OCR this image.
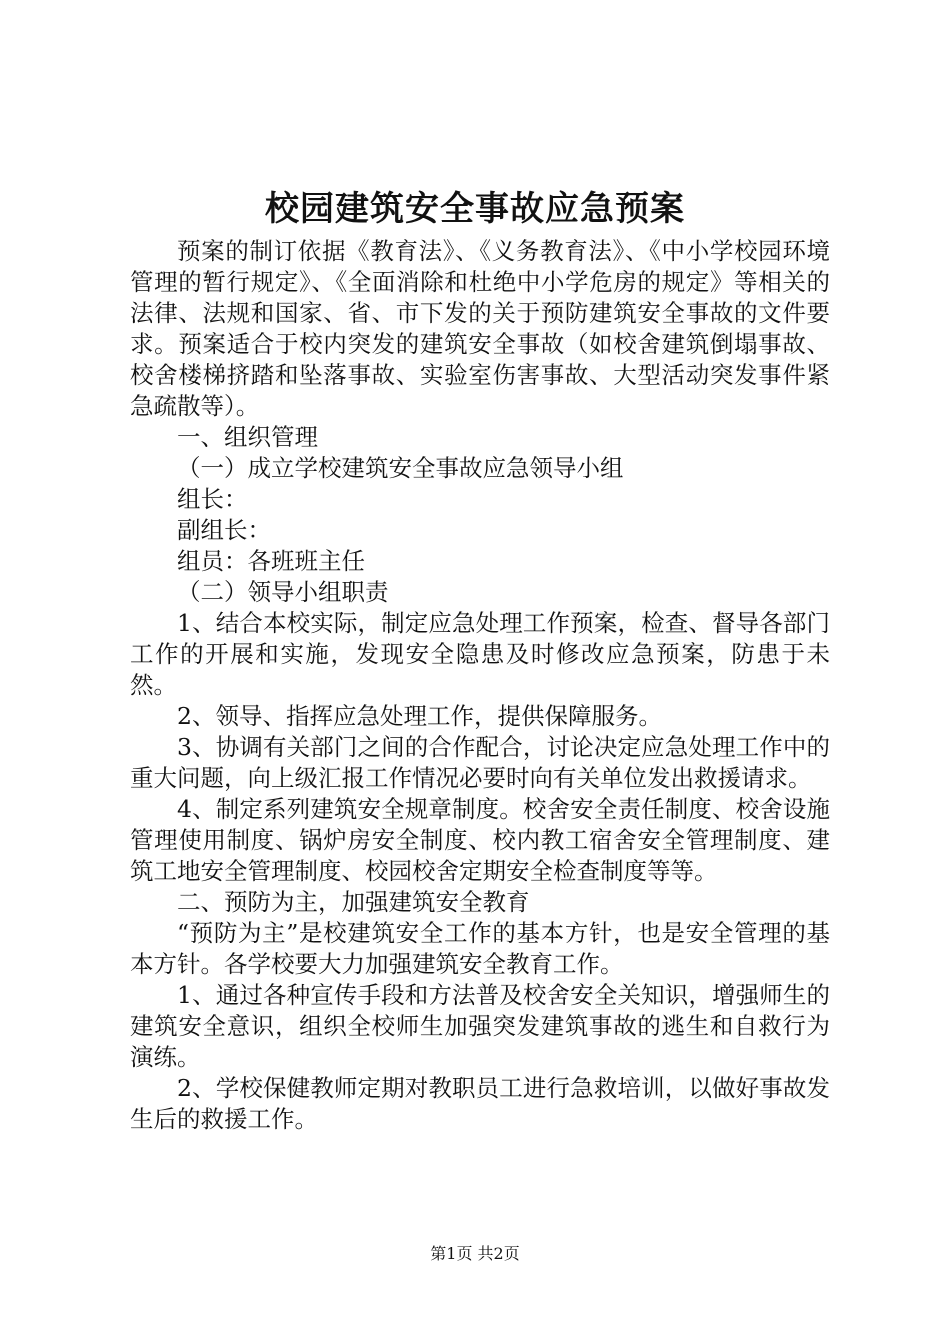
校园建筑安全事故应急预案

预案的制订依据《教育法》、《义务教育法》、《中小学校园环境管理的暂行规定》、《全面消除和杜绝中小学危房的规定》等相关的法律、法规和国家、省、市下发的关于预防建筑安全事故的文件要求。预案适合于校内突发的建筑安全事故（如校舍建筑倒塌事故、校舍楼梯挤踏和坠落事故、实验室伤害事故、大型活动突发事件紧急疏散等）。

一、组织管理

（一）成立学校建筑安全事故应急领导小组

组长：

副组长：

组员：各班班主任

（二）领导小组职责

1、结合本校实际，制定应急处理工作预案，检查、督导各部门工作的开展和实施，发现安全隐患及时修改应急预案，防患于未然。

2、领导、指挥应急处理工作，提供保障服务。

3、协调有关部门之间的合作配合，讨论决定应急处理工作中的重大问题，向上级汇报工作情况必要时向有关单位发出救援请求。

4、制定系列建筑安全规章制度。校舍安全责任制度、校舍设施管理使用制度、锅炉房安全制度、校内教工宿舍安全管理制度、建筑工地安全管理制度、校园校舍定期安全检查制度等等。

二、预防为主，加强建筑安全教育

“预防为主”是校建筑安全工作的基本方针，也是安全管理的基本方针。各学校要大力加强建筑安全教育工作。

1、通过各种宣传手段和方法普及校舍安全关知识，增强师生的建筑安全意识，组织全校师生加强突发建筑事故的逃生和自救行为演练。

2、学校保健教师定期对教职员工进行急救培训，以做好事故发生后的救援工作。

第1页 共2页
